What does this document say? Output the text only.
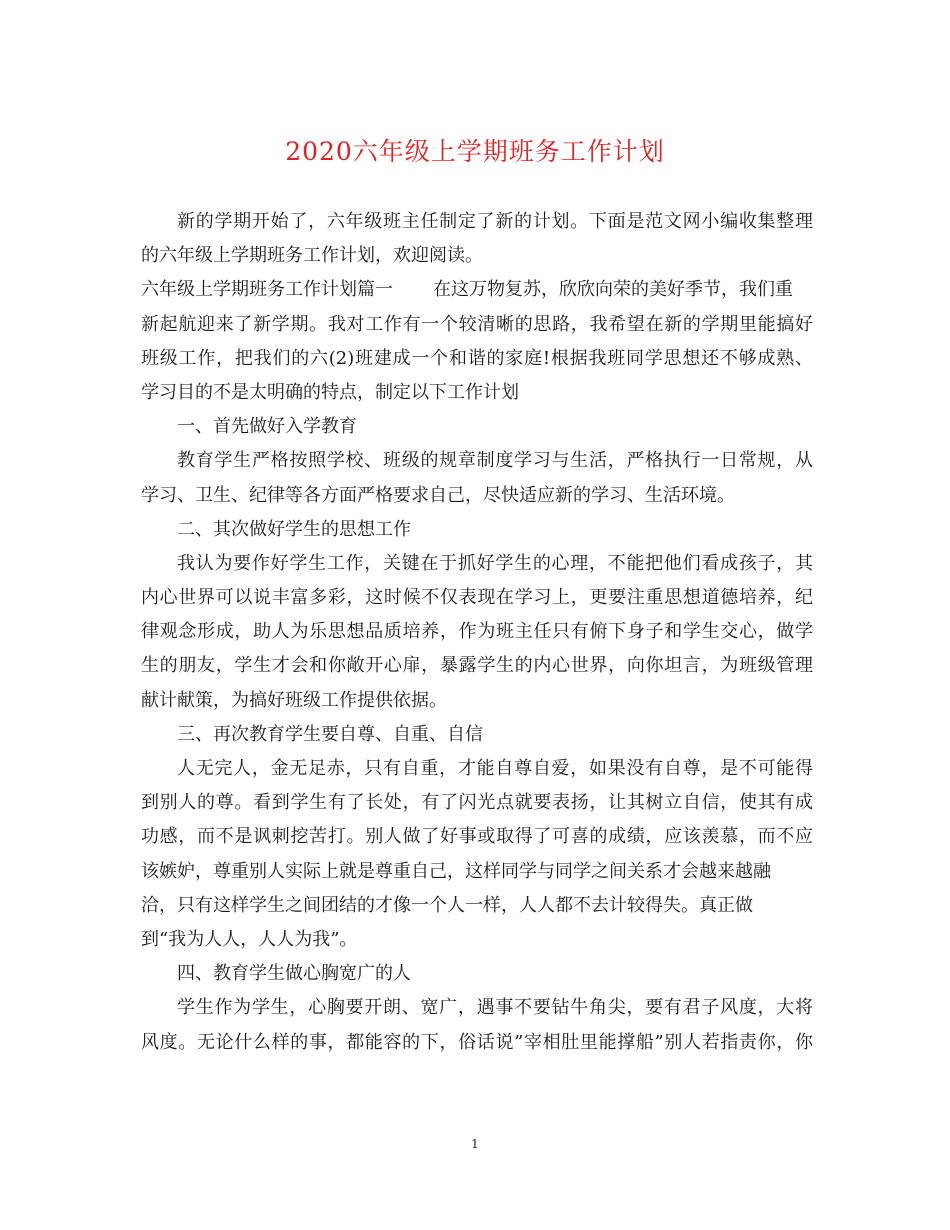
2020六年级上学期班务工作计划
新的学期开始了，六年级班主任制定了新的计划。下面是范文网小编收集整理
的六年级上学期班务工作计划，欢迎阅读。
六年级上学期班务工作计划篇一 在这万物复苏，欣欣向荣的美好季节，我们重
新起航迎来了新学期。我对工作有一个较清晰的思路，我希望在新的学期里能搞好
班级工作，把我们的六(2)班建成一个和谐的家庭!根据我班同学思想还不够成熟、
学习目的不是太明确的特点，制定以下工作计划
一、首先做好入学教育
教育学生严格按照学校、班级的规章制度学习与生活，严格执行一日常规，从
学习、卫生、纪律等各方面严格要求自己，尽快适应新的学习、生活环境。
二、其次做好学生的思想工作
我认为要作好学生工作，关键在于抓好学生的心理，不能把他们看成孩子，其
内心世界可以说丰富多彩，这时候不仅表现在学习上，更要注重思想道德培养，纪
律观念形成，助人为乐思想品质培养，作为班主任只有俯下身子和学生交心，做学
生的朋友，学生才会和你敞开心扉，暴露学生的内心世界，向你坦言，为班级管理
献计献策，为搞好班级工作提供依据。
三、再次教育学生要自尊、自重、自信
人无完人，金无足赤，只有自重，才能自尊自爱，如果没有自尊，是不可能得
到别人的尊。看到学生有了长处，有了闪光点就要表扬，让其树立自信，使其有成
功感，而不是讽刺挖苦打。别人做了好事或取得了可喜的成绩，应该羡慕，而不应
该嫉妒，尊重别人实际上就是尊重自己，这样同学与同学之间关系才会越来越融
洽，只有这样学生之间团结的才像一个人一样，人人都不去计较得失。真正做
到“我为人人，人人为我”。
四、教育学生做心胸宽广的人
学生作为学生，心胸要开朗、宽广，遇事不要钻牛角尖，要有君子风度，大将
风度。无论什么样的事，都能容的下，俗话说”宰相肚里能撑船”别人若指责你，你
1
